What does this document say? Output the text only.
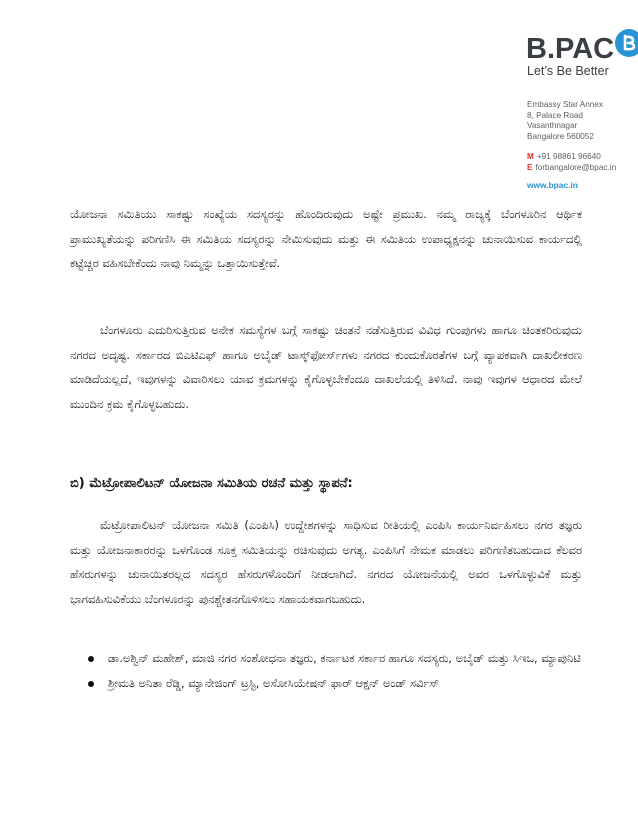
B.PAC
Let’s Be Better
Embassy Star Annex
8, Palace Road
Vasanthnagar
Bangalore 560052
M +91 98861 96640
E forbangalore@bpac.in
www.bpac.in

ಯೋಜನಾ ಸಮಿತಿಯು ಸಾಕಷ್ಟು ಸಂಖ್ಯೆಯ ಸದಸ್ಯರನ್ನು ಹೊಂದಿರುವುದು ಅಷ್ಟೇ ಪ್ರಮುಖ. ನಮ್ಮ ರಾಜ್ಯಕ್ಕೆ ಬೆಂಗಳೂರಿನ ಆರ್ಥಿಕ ಪ್ರಾಮುಖ್ಯತೆಯನ್ನು ಪರಿಗಣಿಸಿ ಈ ಸಮಿತಿಯ ಸದಸ್ಯರನ್ನು ನೇಮಿಸುವುದು ಮತ್ತು ಈ ಸಮಿತಿಯ ಉಪಾಧ್ಯಕ್ಷನನ್ನು ಚುನಾಯಿಸುವ ಕಾರ್ಯದಲ್ಲಿ ಕಟ್ಟೆಚ್ಚರ ವಹಿಸಬೇಕೆಂದು ನಾವು ನಿಮ್ಮನ್ನು ಒತ್ತಾಯಿಸುತ್ತೇವೆ.

ಬೆಂಗಳೂರು ಎದುರಿಸುತ್ತಿರುವ ಅನೇಕ ಸಮಸ್ಯೆಗಳ ಬಗ್ಗೆ ಸಾಕಷ್ಟು ಚಿಂತನೆ ನಡೆಸುತ್ತಿರುವ ವಿವಿಧ ಗುಂಪುಗಳು ಹಾಗೂ ಚಿಂತಕರಿರುವುದು ನಗರದ ಅದೃಷ್ಟ. ಸರ್ಕಾರದ ಬಿಎಟಿಎಫ್ ಹಾಗೂ ಅಬೈಡ್ ಟಾಸ್ಕ್‌ಫೋರ್ಸ್‌ಗಳು ನಗರದ ಕುಂದುಕೊರತೆಗಳ ಬಗ್ಗೆ ವ್ಯಾಪಕವಾಗಿ ದಾಖಲೀಕರಣ ಮಾಡಿದೆಯಲ್ಲದೆ, ಇವುಗಳನ್ನು ವಿವಾರಿಸಲು ಯಾವ ಕ್ರಮಗಳನ್ನು ಕೈಗೊಳ್ಳಬೇಕೆಂದೂ ದಾಖಲೆಯಲ್ಲಿ ತಿಳಿಸಿದೆ. ನಾವು ಇವುಗಳ ಆಧಾರದ ಮೇಲೆ ಮುಂದಿನ ಕ್ರಮ ಕೈಗೊಳ್ಳಬಹುದು.

ಬಿ) ಮೆಟ್ರೋಪಾಲಿಟನ್ ಯೋಜನಾ ಸಮಿತಿಯ ರಚನೆ ಮತ್ತು ಸ್ಥಾಪನೆ:

ಮೆಟ್ರೋಪಾಲಿಟನ್ ಯೋಜನಾ ಸಮಿತಿ (ಎಂಪಿಸಿ) ಉದ್ದೇಶಗಳನ್ನು ಸಾಧಿಸುವ ರೀತಿಯಲ್ಲಿ ಎಂಪಿಸಿ ಕಾರ್ಯನಿರ್ವಹಿಸಲು ನಗರ ತಜ್ಞರು ಮತ್ತು ಯೋಜನಾಕಾರರನ್ನು ಒಳಗೊಂಡ ಸೂಕ್ತ ಸಮಿತಿಯನ್ನು ರಚಿಸುವುದು ಅಗತ್ಯ. ಎಂಪಿಸಿಗೆ ನೇಮಕ ಮಾಡಲು ಪರಿಗಣಿತಬಹುದಾದ ಕೆಲವರ ಹೆಸರುಗಳನ್ನು ಚುನಾಯಿತರಲ್ಲದ ಸದಸ್ಯರ ಹೆಸರುಗಳೊಂದಿಗೆ ನೀಡಲಾಗಿದೆ. ನಗರದ ಯೋಜನೆಯಲ್ಲಿ ಅವರ ಒಳಗೊಳ್ಳುವಿಕೆ ಮತ್ತು ಭಾಗವಹಿಸುವಿಕೆಯು ಬೆಂಗಳೂರನ್ನು ಪುನಶ್ಚೇತನಗೊಳಿಸಲು ಸಹಾಯಕವಾಗಬಹುದು.

ಡಾ.ಅಶ್ವಿನ್ ಮಹೇಶ್, ಮಾಜಿ ನಗರ ಸಂಶೋಧನಾ ತಜ್ಞರು, ಕರ್ನಾಟಕ ಸರ್ಕಾರ ಹಾಗೂ ಸದಸ್ಯರು, ಅಬೈಡ್ ಮತ್ತು ಸಿಇಒ, ಮ್ಯಾಪುನಿಟಿ
ಶ್ರೀಮತಿ ಅನಿತಾ ರೆಡ್ಡಿ, ಮ್ಯಾನೇಜಿಂಗ್ ಟ್ರಸ್ಟಿ, ಅಸೋಸಿಯೇಷನ್ ಫಾರ್ ಆಕ್ಷನ್ ಅಂಡ್ ಸರ್ವಿಸ್
